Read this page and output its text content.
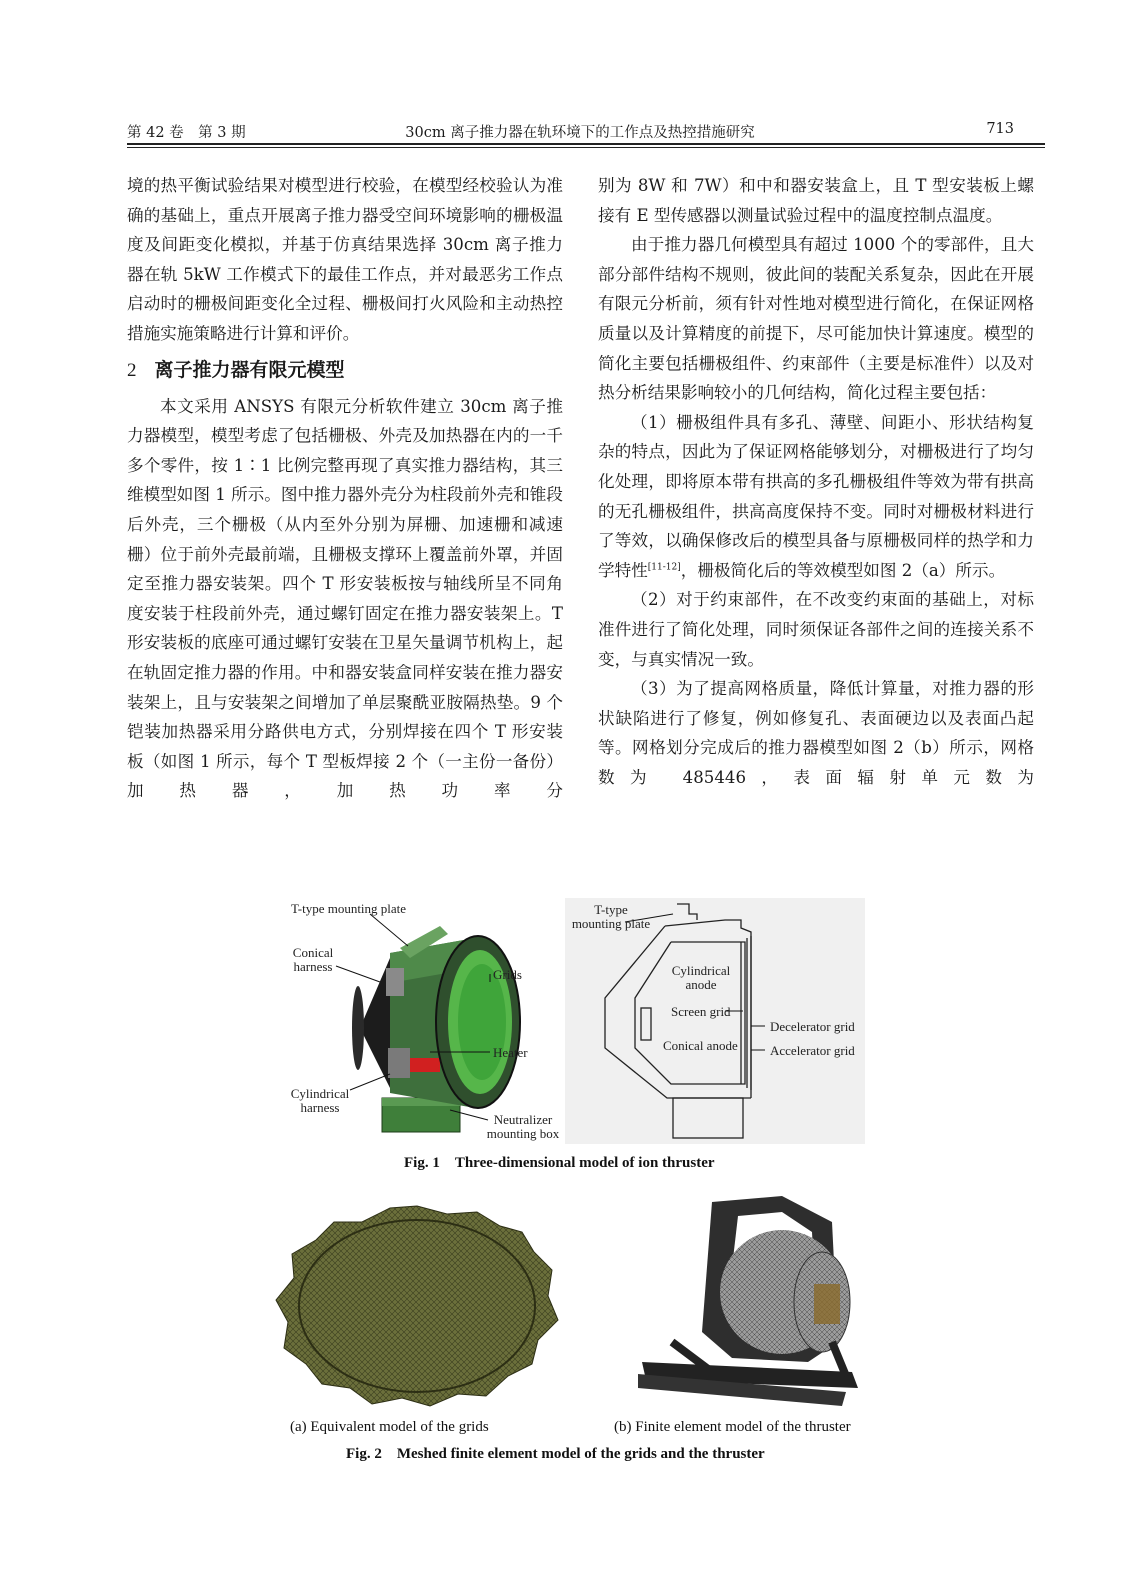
第 42 卷　第 3 期	30cm 离子推力器在轨环境下的工作点及热控措施研究	713

境的热平衡试验结果对模型进行校验，在模型经校验认为准确的基础上，重点开展离子推力器受空间环境影响的栅极温度及间距变化模拟，并基于仿真结果选择 30cm 离子推力器在轨 5kW 工作模式下的最佳工作点，并对最恶劣工作点启动时的栅极间距变化全过程、栅极间打火风险和主动热控措施实施策略进行计算和评价。

2 离子推力器有限元模型

本文采用 ANSYS 有限元分析软件建立 30cm 离子推力器模型，模型考虑了包括栅极、外壳及加热器在内的一千多个零件，按 1∶1 比例完整再现了真实推力器结构，其三维模型如图 1 所示。图中推力器外壳分为柱段前外壳和锥段后外壳，三个栅极（从内至外分别为屏栅、加速栅和减速栅）位于前外壳最前端，且栅极支撑环上覆盖前外罩，并固定至推力器安装架。四个 T 形安装板按与轴线所呈不同角度安装于柱段前外壳，通过螺钉固定在推力器安装架上。T 形安装板的底座可通过螺钉安装在卫星矢量调节机构上，起在轨固定推力器的作用。中和器安装盒同样安装在推力器安装架上，且与安装架之间增加了单层聚酰亚胺隔热垫。9 个铠装加热器采用分路供电方式，分别焊接在四个 T 形安装板（如图 1 所示，每个 T 型板焊接 2 个（一主份一备份）加热器，加热功率分

别为 8W 和 7W）和中和器安装盒上，且 T 型安装板上螺接有 E 型传感器以测量试验过程中的温度控制点温度。

由于推力器几何模型具有超过 1000 个的零部件，且大部分部件结构不规则，彼此间的装配关系复杂，因此在开展有限元分析前，须有针对性地对模型进行简化，在保证网格质量以及计算精度的前提下，尽可能加快计算速度。模型的简化主要包括栅极组件、约束部件（主要是标准件）以及对热分析结果影响较小的几何结构，简化过程主要包括：

（1）栅极组件具有多孔、薄壁、间距小、形状结构复杂的特点，因此为了保证网格能够划分，对栅极进行了均匀化处理，即将原本带有拱高的多孔栅极组件等效为带有拱高的无孔栅极组件，拱高高度保持不变。同时对栅极材料进行了等效，以确保修改后的模型具备与原栅极同样的热学和力学特性[11-12]，栅极简化后的等效模型如图 2（a）所示。

（2）对于约束部件，在不改变约束面的基础上，对标准件进行了简化处理，同时须保证各部件之间的连接关系不变，与真实情况一致。

（3）为了提高网格质量，降低计算量，对推力器的形状缺陷进行了修复，例如修复孔、表面硬边以及表面凸起等。网格划分完成后的推力器模型如图 2（b）所示，网格数为 485446，表面辐射单元数为

T-type mounting plate
Conical harness
Grids
Heater
Cylindrical harness
Neutralizer mounting box
T-type mounting plate
Cylindrical anode
Screen grid
Conical anode
Decelerator grid
Accelerator grid
Fig. 1　Three-dimensional model of ion thruster
(a) Equivalent model of the grids	(b) Finite element model of the thruster
Fig. 2　Meshed finite element model of the grids and the thruster
